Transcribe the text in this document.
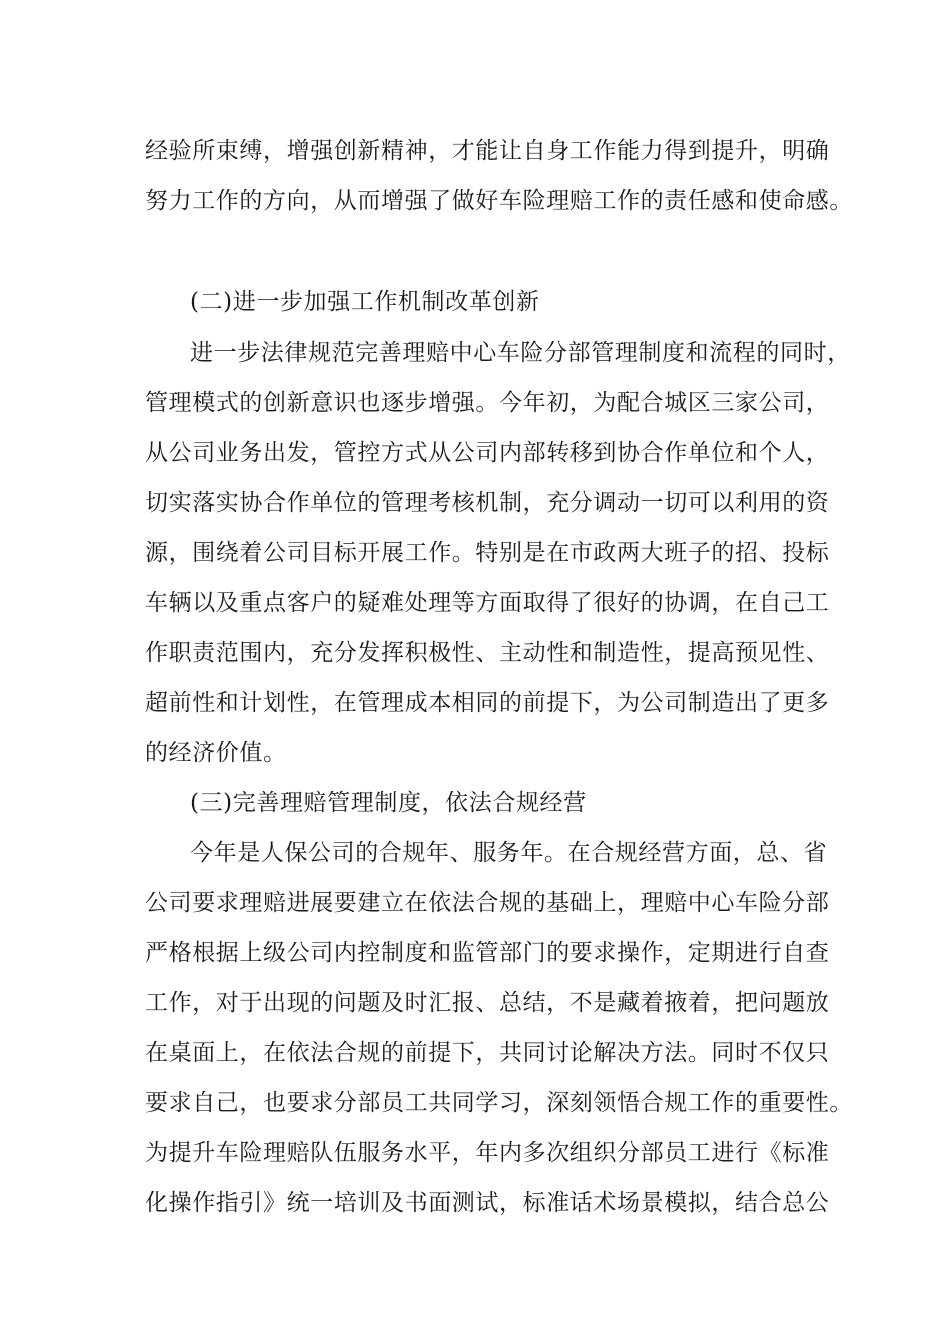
经验所束缚，增强创新精神，才能让自身工作能力得到提升，明确
努力工作的方向，从而增强了做好车险理赔工作的责任感和使命感。
(二)进一步加强工作机制改革创新
进一步法律规范完善理赔中心车险分部管理制度和流程的同时，
管理模式的创新意识也逐步增强。今年初，为配合城区三家公司，
从公司业务出发，管控方式从公司内部转移到协合作单位和个人，
切实落实协合作单位的管理考核机制，充分调动一切可以利用的资
源，围绕着公司目标开展工作。特别是在市政两大班子的招、投标
车辆以及重点客户的疑难处理等方面取得了很好的协调，在自己工
作职责范围内，充分发挥积极性、主动性和制造性，提高预见性、
超前性和计划性，在管理成本相同的前提下，为公司制造出了更多
的经济价值。
(三)完善理赔管理制度，依法合规经营
今年是人保公司的合规年、服务年。在合规经营方面，总、省
公司要求理赔进展要建立在依法合规的基础上，理赔中心车险分部
严格根据上级公司内控制度和监管部门的要求操作，定期进行自查
工作，对于出现的问题及时汇报、总结，不是藏着掖着，把问题放
在桌面上，在依法合规的前提下，共同讨论解决方法。同时不仅只
要求自己，也要求分部员工共同学习，深刻领悟合规工作的重要性。
为提升车险理赔队伍服务水平，年内多次组织分部员工进行《标准
化操作指引》统一培训及书面测试，标准话术场景模拟，结合总公
